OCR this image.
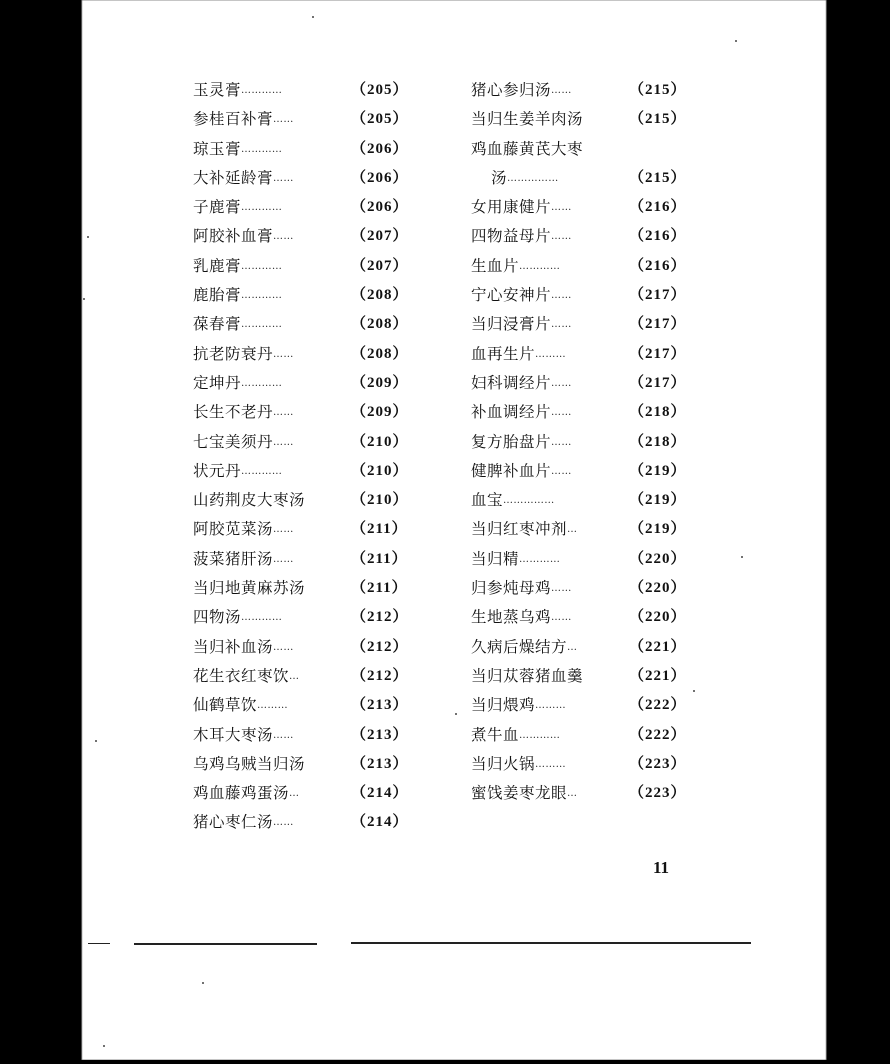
玉灵膏 …………	（205）
参桂百补膏 ……	（205）
琼玉膏 …………	（206）
大补延龄膏 ……	（206）
子鹿膏 …………	（206）
阿胶补血膏 ……	（207）
乳鹿膏 …………	（207）
鹿胎膏 …………	（208）
葆春膏 …………	（208）
抗老防衰丹 ……	（208）
定坤丹 …………	（209）
长生不老丹 ……	（209）
七宝美须丹 ……	（210）
状元丹 …………	（210）
山药荆皮大枣汤	（210）
阿胶苋菜汤 ……	（211）
菠菜猪肝汤 ……	（211）
当归地黄麻苏汤	（211）
四物汤 …………	（212）
当归补血汤 ……	（212）
花生衣红枣饮 …	（212）
仙鹤草饮 ………	（213）
木耳大枣汤 ……	（213）
乌鸡乌贼当归汤	（213）
鸡血藤鸡蛋汤 …	（214）
猪心枣仁汤 ……	（214）
猪心参归汤 ……	（215）
当归生姜羊肉汤	（215）
鸡血藤黄芪大枣
汤 ……………	（215）
女用康健片 ……	（216）
四物益母片 ……	（216）
生血片 …………	（216）
宁心安神片 ……	（217）
当归浸膏片 ……	（217）
血再生片 ………	（217）
妇科调经片 ……	（217）
补血调经片 ……	（218）
复方胎盘片 ……	（218）
健脾补血片 ……	（219）
血宝 ……………	（219）
当归红枣冲剂 …	（219）
当归精 …………	（220）
归参炖母鸡 ……	（220）
生地蒸乌鸡 ……	（220）
久病后燥结方 …	（221）
当归苁蓉猪血羹	（221）
当归煨鸡 ………	（222）
煮牛血 …………	（222）
当归火锅 ………	（223）
蜜饯姜枣龙眼 …	（223）
11
